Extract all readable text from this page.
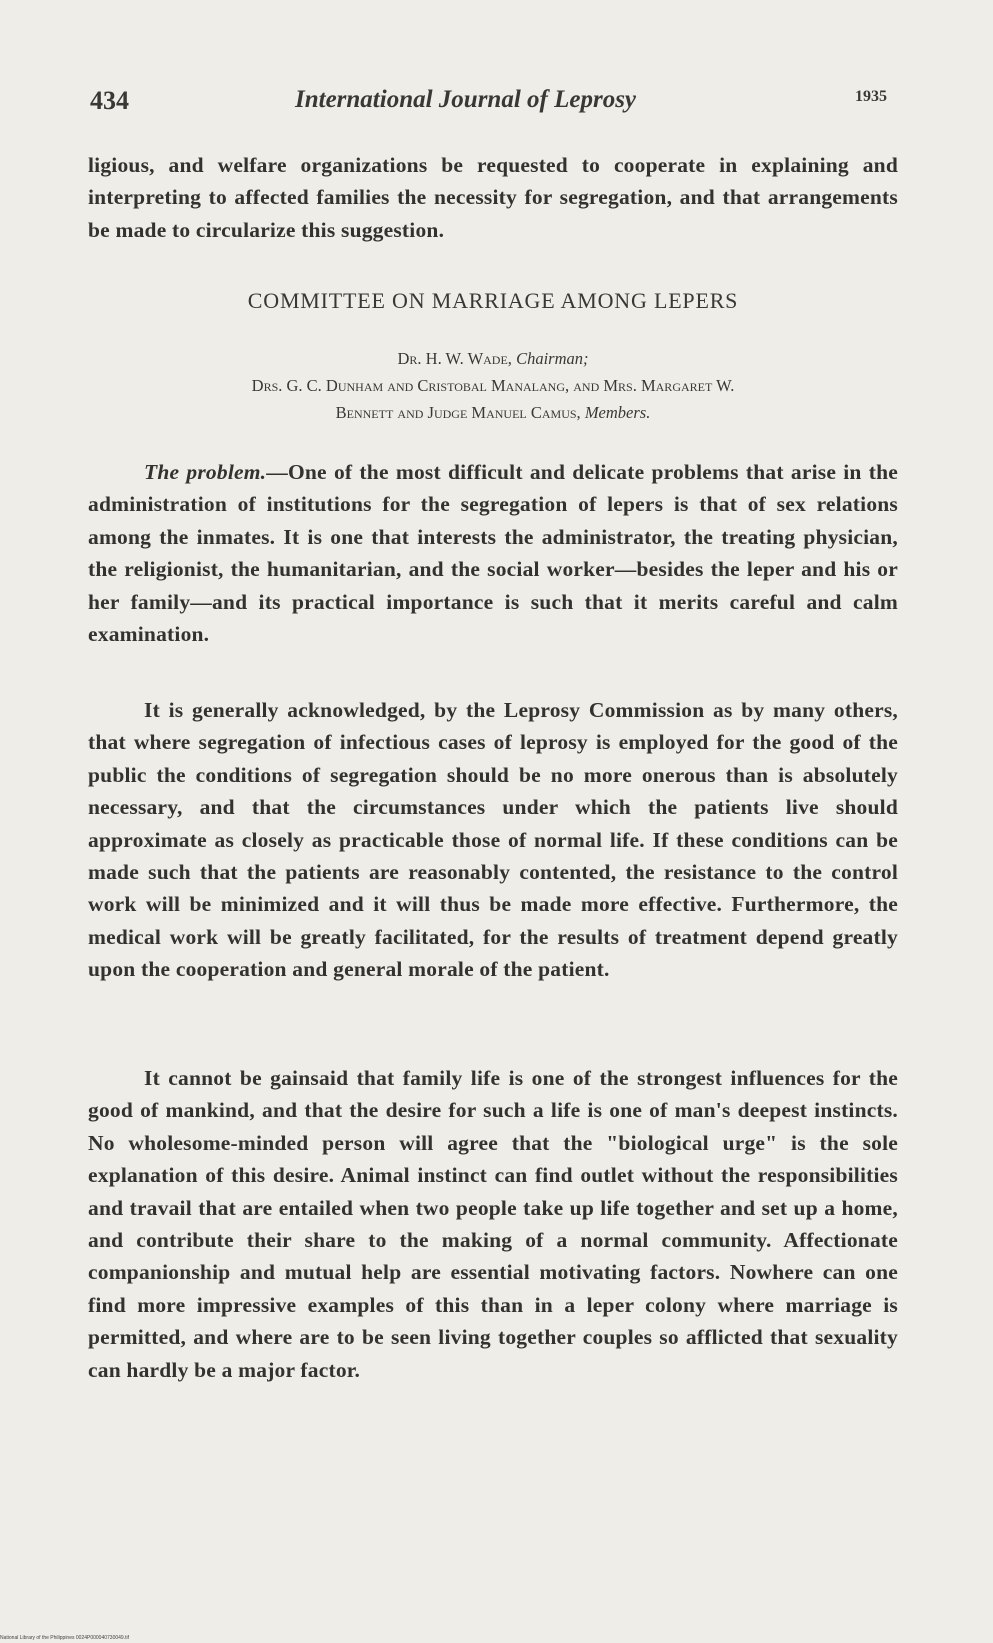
434	International Journal of Leprosy	1935
ligious, and welfare organizations be requested to cooperate in explaining and interpreting to affected families the necessity for segregation, and that arrangements be made to circularize this suggestion.
COMMITTEE ON MARRIAGE AMONG LEPERS
Dr. H. W. Wade, Chairman;
Drs. G. C. Dunham and Cristobal Manalang, and Mrs. Margaret W.
Bennett and Judge Manuel Camus, Members.
The problem.—One of the most difficult and delicate problems that arise in the administration of institutions for the segregation of lepers is that of sex relations among the inmates. It is one that interests the administrator, the treating physician, the religionist, the humanitarian, and the social worker—besides the leper and his or her family—and its practical importance is such that it merits careful and calm examination.
It is generally acknowledged, by the Leprosy Commission as by many others, that where segregation of infectious cases of leprosy is employed for the good of the public the conditions of segregation should be no more onerous than is absolutely necessary, and that the circumstances under which the patients live should approximate as closely as practicable those of normal life. If these conditions can be made such that the patients are reasonably contented, the resistance to the control work will be minimized and it will thus be made more effective. Furthermore, the medical work will be greatly facilitated, for the results of treatment depend greatly upon the cooperation and general morale of the patient.
It cannot be gainsaid that family life is one of the strongest influences for the good of mankind, and that the desire for such a life is one of man's deepest instincts. No wholesome-minded person will agree that the "biological urge" is the sole explanation of this desire. Animal instinct can find outlet without the responsibilities and travail that are entailed when two people take up life together and set up a home, and contribute their share to the making of a normal community. Affectionate companionship and mutual help are essential motivating factors. Nowhere can one find more impressive examples of this than in a leper colony where marriage is permitted, and where are to be seen living together couples so afflicted that sexuality can hardly be a major factor.
National Library of the Philippines 0024P000040730049.tif
